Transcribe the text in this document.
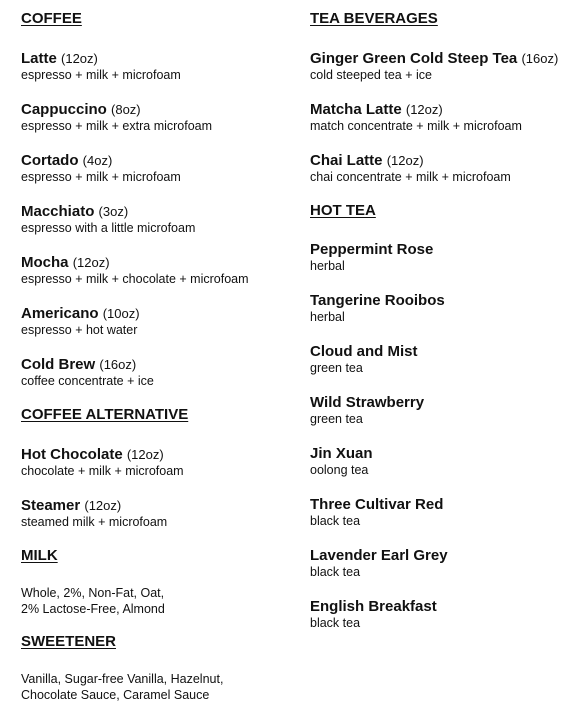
COFFEE
Latte (12oz)
espresso + milk + microfoam
Cappuccino (8oz)
espresso + milk + extra microfoam
Cortado (4oz)
espresso + milk + microfoam
Macchiato (3oz)
espresso with a little microfoam
Mocha (12oz)
espresso + milk + chocolate + microfoam
Americano (10oz)
espresso + hot water
Cold Brew (16oz)
coffee concentrate + ice
COFFEE ALTERNATIVE
Hot Chocolate (12oz)
chocolate + milk + microfoam
Steamer (12oz)
steamed milk + microfoam
MILK
Whole, 2%, Non-Fat, Oat,
2% Lactose-Free, Almond
SWEETENER
Vanilla, Sugar-free Vanilla, Hazelnut,
Chocolate Sauce, Caramel Sauce
TEA BEVERAGES
Ginger Green Cold Steep Tea (16oz)
cold steeped tea + ice
Matcha Latte (12oz)
match concentrate + milk + microfoam
Chai Latte (12oz)
chai concentrate + milk + microfoam
HOT TEA
Peppermint Rose
herbal
Tangerine Rooibos
herbal
Cloud and Mist
green tea
Wild Strawberry
green tea
Jin Xuan
oolong tea
Three Cultivar Red
black tea
Lavender Earl Grey
black tea
English Breakfast
black tea
